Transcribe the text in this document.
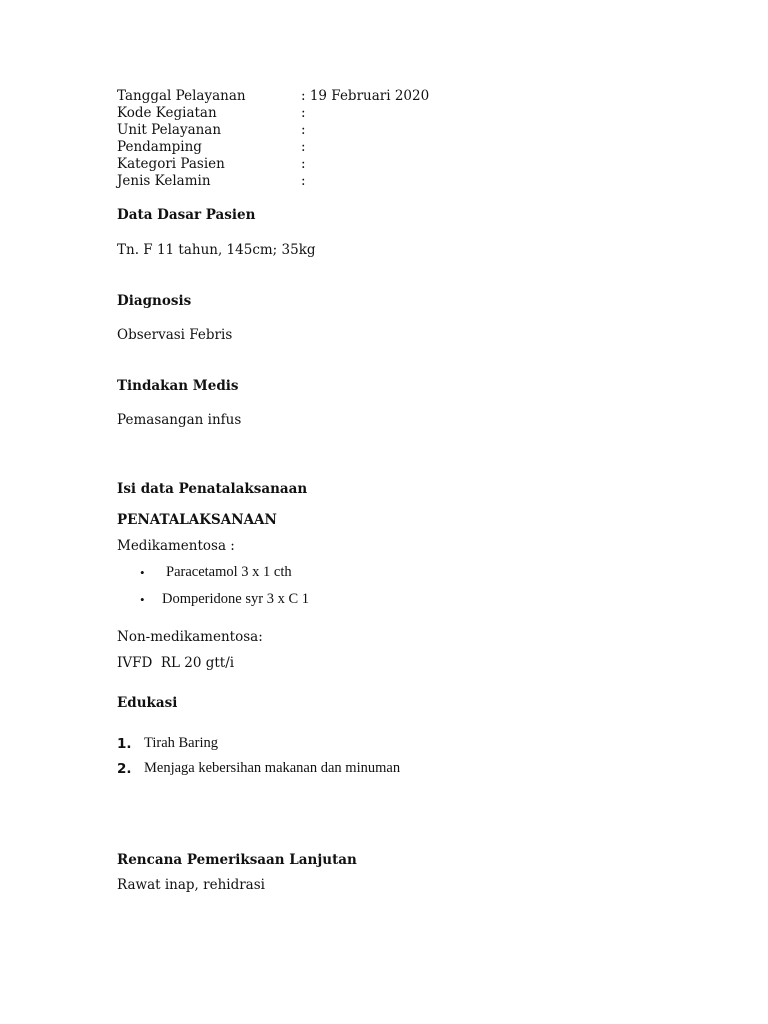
Tanggal Pelayanan	: 19 Februari 2020
Kode Kegiatan	:
Unit Pelayanan	:
Pendamping	:
Kategori Pasien	:
Jenis Kelamin	:
Data Dasar Pasien
Tn. F 11 tahun, 145cm; 35kg
Diagnosis
Observasi Febris
Tindakan Medis
Pemasangan infus
Isi data Penatalaksanaan
PENATALAKSANAAN
Medikamentosa :
• Paracetamol 3 x 1 cth
• Domperidone syr 3 x C 1
Non-medikamentosa:
IVFD  RL 20 gtt/i
Edukasi
1. Tirah Baring
2. Menjaga kebersihan makanan dan minuman
Rencana Pemeriksaan Lanjutan
Rawat inap, rehidrasi
